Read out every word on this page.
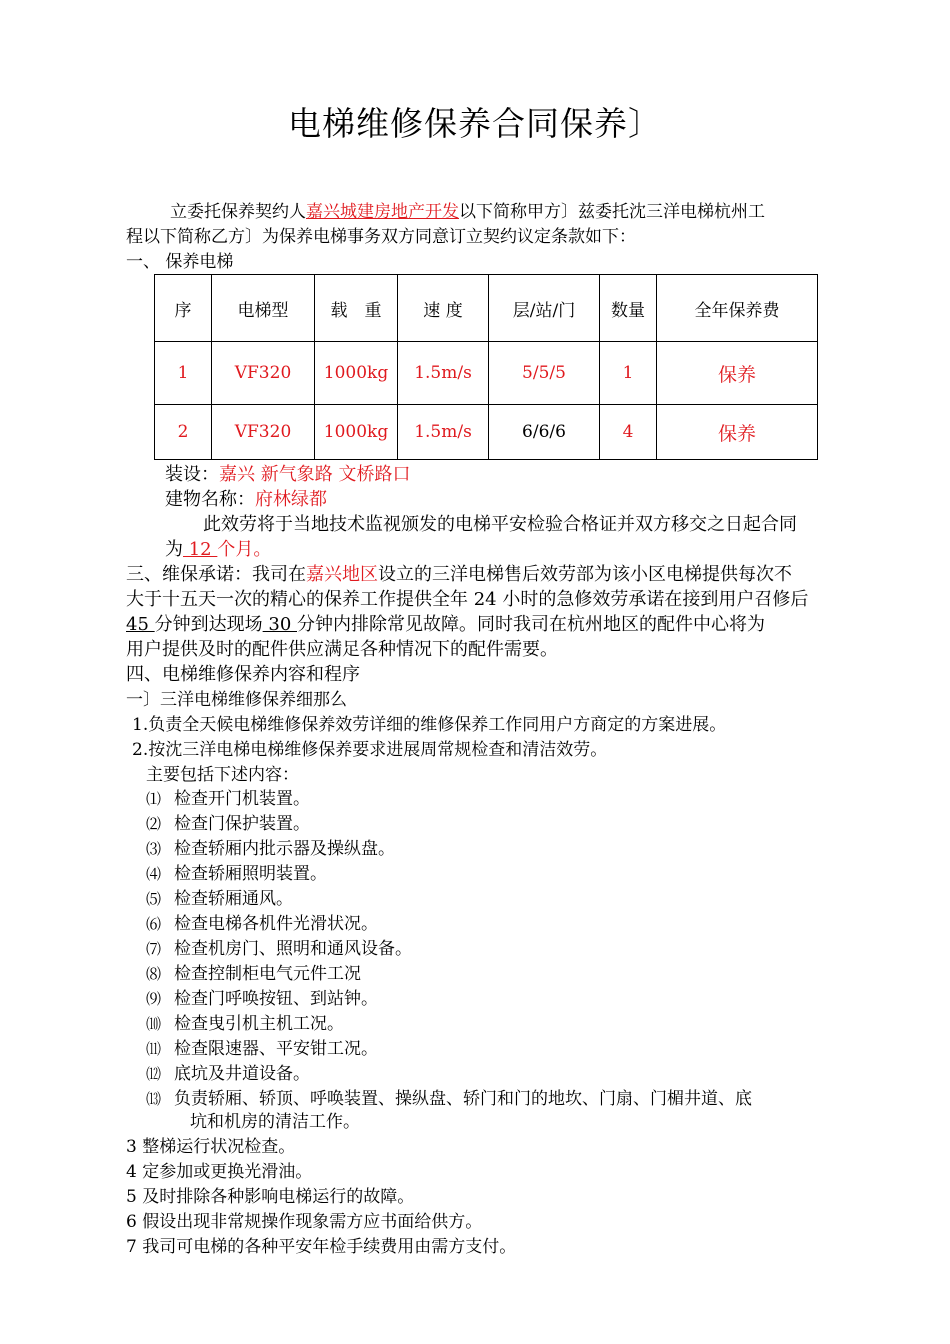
电梯维修保养合同保养〕
立委托保养契约人嘉兴城建房地产开发以下简称甲方〕兹委托沈三洋电梯杭州工
程以下简称乙方〕为保养电梯事务双方同意订立契约议定条款如下：
一、 保养电梯
序	电梯型	载　重	速 度	层/站/门	数量	全年保养费
1	VF320	1000kg	1.5m/s	5/5/5	1	保养
2	VF320	1000kg	1.5m/s	6/6/6	4	保养
装设：嘉兴 新气象路 文桥路口
建物名称：府林绿都
此效劳将于当地技术监视颁发的电梯平安检验合格证并双方移交之日起合同
为 12 个月。
三、维保承诺：我司在嘉兴地区设立的三洋电梯售后效劳部为该小区电梯提供每次不
大于十五天一次的精心的保养工作提供全年 24 小时的急修效劳承诺在接到用户召修后
45 分钟到达现场 30 分钟内排除常见故障。同时我司在杭州地区的配件中心将为
用户提供及时的配件供应满足各种情况下的配件需要。
四、电梯维修保养内容和程序
一〕三洋电梯维修保养细那么
1.负责全天候电梯维修保养效劳详细的维修保养工作同用户方商定的方案进展。
2.按沈三洋电梯电梯维修保养要求进展周常规检查和清洁效劳。
主要包括下述内容：
⑴ 检查开门机装置。
⑵ 检查门保护装置。
⑶ 检查轿厢内批示器及操纵盘。
⑷ 检查轿厢照明装置。
⑸ 检查轿厢通风。
⑹ 检查电梯各机件光滑状况。
⑺ 检查机房门、照明和通风设备。
⑻ 检查控制柜电气元件工况
⑼ 检查门呼唤按钮、到站钟。
⑽ 检查曳引机主机工况。
⑾ 检查限速器、平安钳工况。
⑿ 底坑及井道设备。
⒀ 负责轿厢、轿顶、呼唤装置、操纵盘、轿门和门的地坎、门扇、门楣井道、底
坑和机房的清洁工作。
3 整梯运行状况检查。
4 定参加或更换光滑油。
5 及时排除各种影响电梯运行的故障。
6 假设出现非常规操作现象需方应书面给供方。
7 我司可电梯的各种平安年检手续费用由需方支付。
